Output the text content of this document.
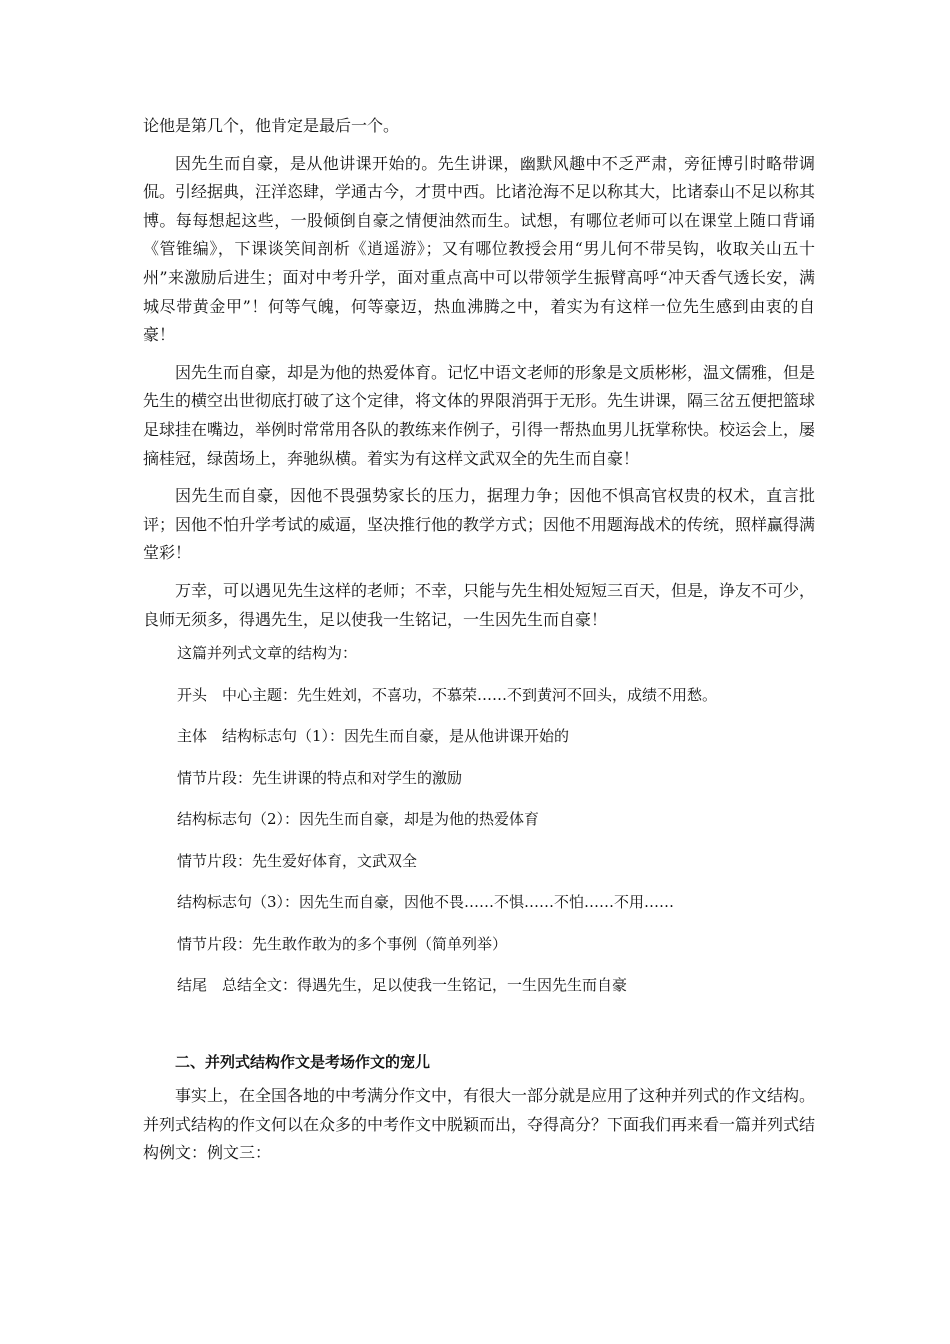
论他是第几个，他肯定是最后一个。

因先生而自豪，是从他讲课开始的。先生讲课，幽默风趣中不乏严肃，旁征博引时略带调侃。引经据典，汪洋恣肆，学通古今，才贯中西。比诸沧海不足以称其大，比诸泰山不足以称其博。每每想起这些，一股倾倒自豪之情便油然而生。试想，有哪位老师可以在课堂上随口背诵《管锥编》，下课谈笑间剖析《逍遥游》；又有哪位教授会用“男儿何不带吴钩，收取关山五十州”来激励后进生；面对中考升学，面对重点高中可以带领学生振臂高呼“冲天香气透长安，满城尽带黄金甲”！何等气魄，何等豪迈，热血沸腾之中，着实为有这样一位先生感到由衷的自豪！

因先生而自豪，却是为他的热爱体育。记忆中语文老师的形象是文质彬彬，温文儒雅，但是先生的横空出世彻底打破了这个定律，将文体的界限消弭于无形。先生讲课，隔三岔五便把篮球足球挂在嘴边，举例时常常用各队的教练来作例子，引得一帮热血男儿抚掌称快。校运会上，屡摘桂冠，绿茵场上，奔驰纵横。着实为有这样文武双全的先生而自豪！

因先生而自豪，因他不畏强势家长的压力，据理力争；因他不惧高官权贵的权术，直言批评；因他不怕升学考试的威逼，坚决推行他的教学方式；因他不用题海战术的传统，照样赢得满堂彩！

万幸，可以遇见先生这样的老师；不幸，只能与先生相处短短三百天，但是，诤友不可少，良师无须多，得遇先生，足以使我一生铭记，一生因先生而自豪！

这篇并列式文章的结构为：

开头　中心主题：先生姓刘，不喜功，不慕荣……不到黄河不回头，成绩不用愁。

主体　结构标志句（1）：因先生而自豪，是从他讲课开始的

情节片段：先生讲课的特点和对学生的激励

结构标志句（2）：因先生而自豪，却是为他的热爱体育

情节片段：先生爱好体育，文武双全

结构标志句（3）：因先生而自豪，因他不畏……不惧……不怕……不用……

情节片段：先生敢作敢为的多个事例（简单列举）

结尾　总结全文：得遇先生，足以使我一生铭记，一生因先生而自豪

二、并列式结构作文是考场作文的宠儿

事实上，在全国各地的中考满分作文中，有很大一部分就是应用了这种并列式的作文结构。并列式结构的作文何以在众多的中考作文中脱颖而出，夺得高分？下面我们再来看一篇并列式结构例文：例文三：
